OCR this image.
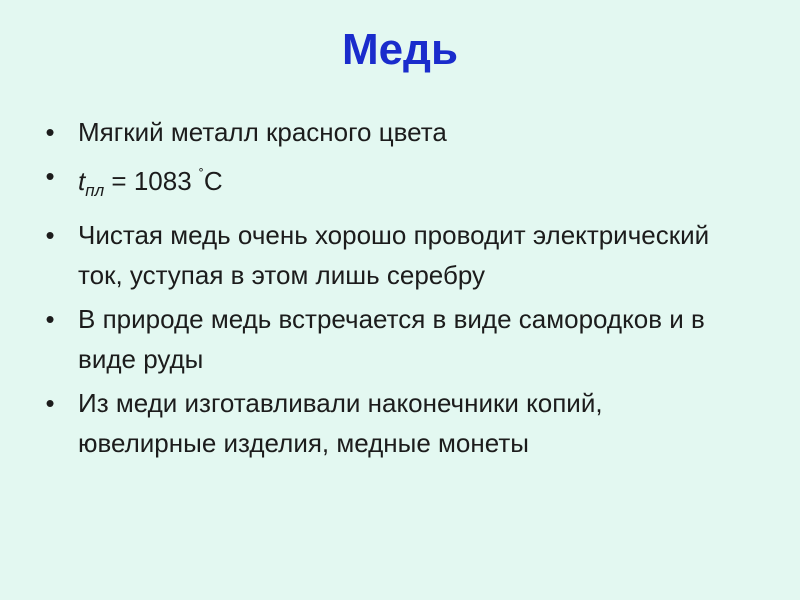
Медь
• Мягкий металл красного цвета
• $t_{пл} = 1083$ ˚С
• Чистая медь очень хорошо проводит электрический ток, уступая в этом лишь серебру
• В природе медь встречается в виде самородков и в виде руды
• Из меди изготавливали наконечники копий, ювелирные изделия, медные монеты
